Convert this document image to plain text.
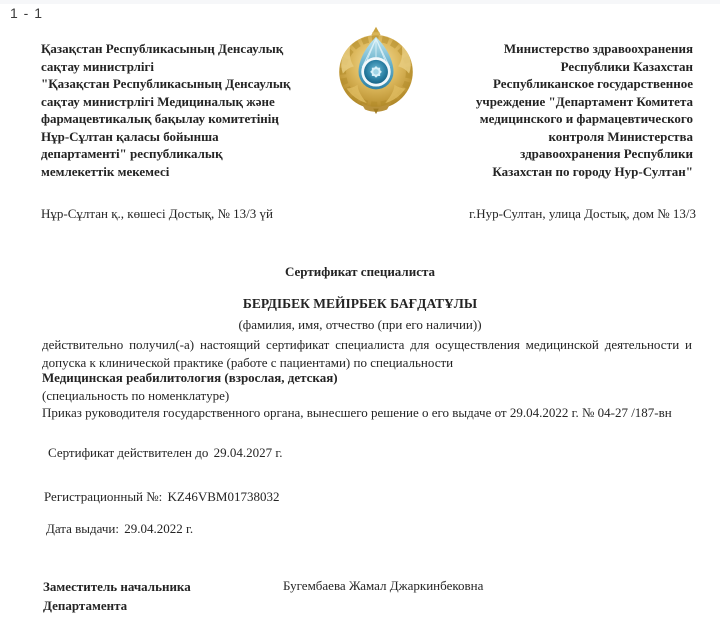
1 - 1
Қазақстан Республикасының Денсаулық
сақтау министрлігі
"Қазақстан Республикасының Денсаулық
сақтау министрлігі Медициналық және
фармацевтикалық бақылау комитетінің
Нұр-Сұлтан қаласы бойынша
департаменті" республикалық
мемлекеттік мекемесі
Министерство здравоохранения
Республики Казахстан
Республиканское государственное
учреждение "Департамент Комитета
медицинского и фармацевтического
контроля Министерства
здравоохранения Республики
Казахстан по городу Нур-Султан"
Нұр-Сұлтан қ., көшесі Достық, № 13/3 үй	г.Нур-Султан, улица Достық, дом № 13/3
Сертификат специалиста
БЕРДІБЕК МЕЙІРБЕК БАҒДАТҰЛЫ
(фамилия, имя, отчество (при его наличии))
действительно получил(-а) настоящий сертификат специалиста для осуществления медицинской деятельности и допуска к клинической практике (работе с пациентами) по специальности
Медицинская реабилитология (взрослая, детская)
(специальность по номенклатуре)
Приказ руководителя государственного органа, вынесшего решение о его выдаче от 29.04.2022 г. № 04-27 /187-вн
Сертификат действителен до 29.04.2027 г.
Регистрационный №: KZ46VBM01738032
Дата выдачи: 29.04.2022 г.
Заместитель начальника
Департамента
Бугембаева Жамал Джаркинбековна
